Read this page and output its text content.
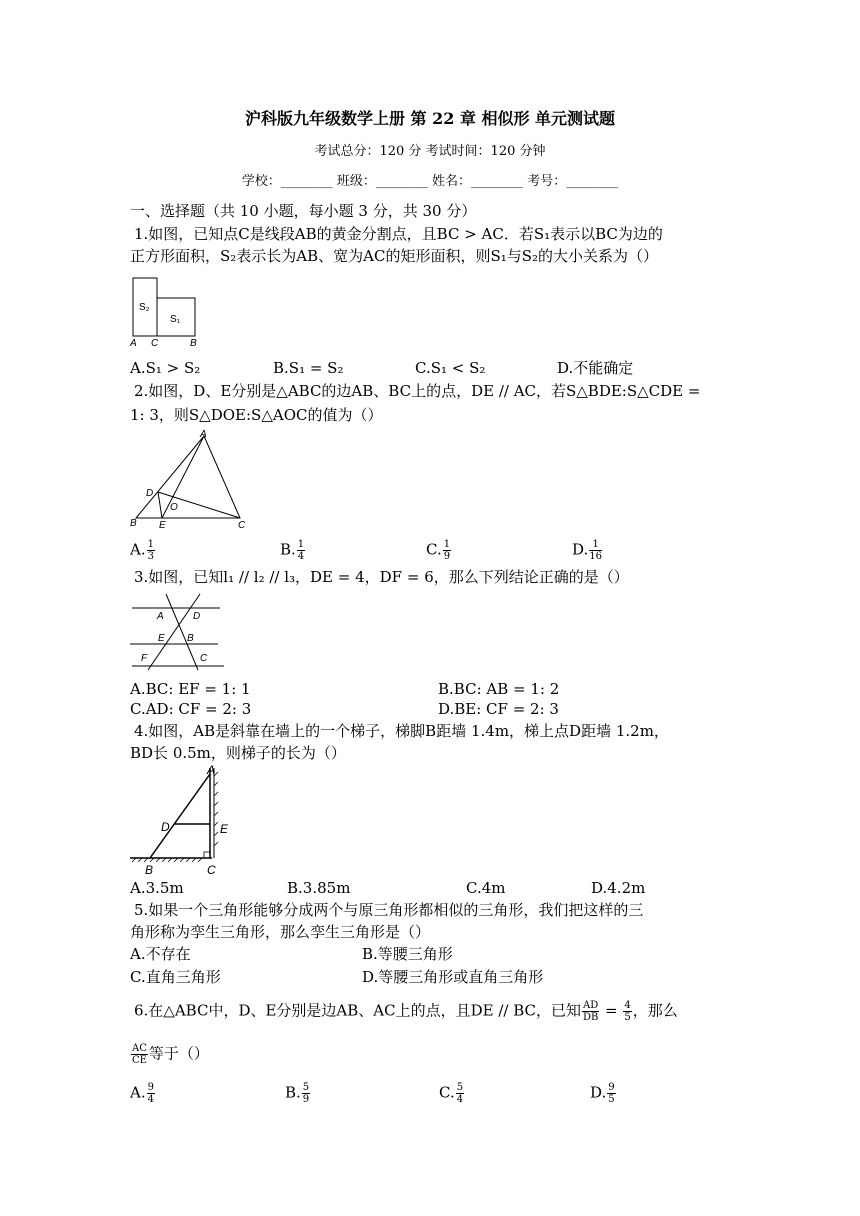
沪科版九年级数学上册 第 22 章 相似形 单元测试题
考试总分：120 分 考试时间：120 分钟
学校：________ 班级：________ 姓名：________ 考号：________
一、选择题（共 10 小题，每小题 3 分，共 30 分）
1.如图，已知点C是线段AB的黄金分割点，且BC > AC．若S₁表示以BC为边的
正方形面积，S₂表示长为AB、宽为AC的矩形面积，则S₁与S₂的大小关系为（）
S₂
S₁
A C	B
A.S₁ > S₂	B.S₁ = S₂	C.S₁ < S₂	D.不能确定
2.如图，D、E分别是△ABC的边AB、BC上的点，DE // AC，若S△BDE:S△CDE =
1: 3，则S△DOE:S△AOC的值为（）
A
D
O
B E	C
A. $\frac{1}{3}$	B. $\frac{1}{4}$	C. $\frac{1}{9}$	D. $\frac{1}{16}$
3.如图，已知l₁ // l₂ // l₃，DE = 4，DF = 6，那么下列结论正确的是（）
A	D
E B
F	C
A.BC: EF = 1: 1	B.BC: AB = 1: 2
C.AD: CF = 2: 3	D.BE: CF = 2: 3
4.如图，AB是斜靠在墙上的一个梯子，梯脚B距墙 1.4m，梯上点D距墙 1.2m，
BD长 0.5m，则梯子的长为（）
A
D	E
B	C
A.3.5m	B.3.85m	C.4m	D.4.2m
5.如果一个三角形能够分成两个与原三角形都相似的三角形，我们把这样的三
角形称为孪生三角形，那么孪生三角形是（）
A.不存在	B.等腰三角形
C.直角三角形	D.等腰三角形或直角三角形
6.在△ABC中，D、E分别是边AB、AC上的点，且DE // BC，已知 $\frac{AD}{DB} = \frac{4}{5}$ ，那么
$\frac{AC}{CE}$ 等于（）
A. $\frac{9}{4}$	B. $\frac{5}{9}$	C. $\frac{5}{4}$	D. $\frac{9}{5}$
